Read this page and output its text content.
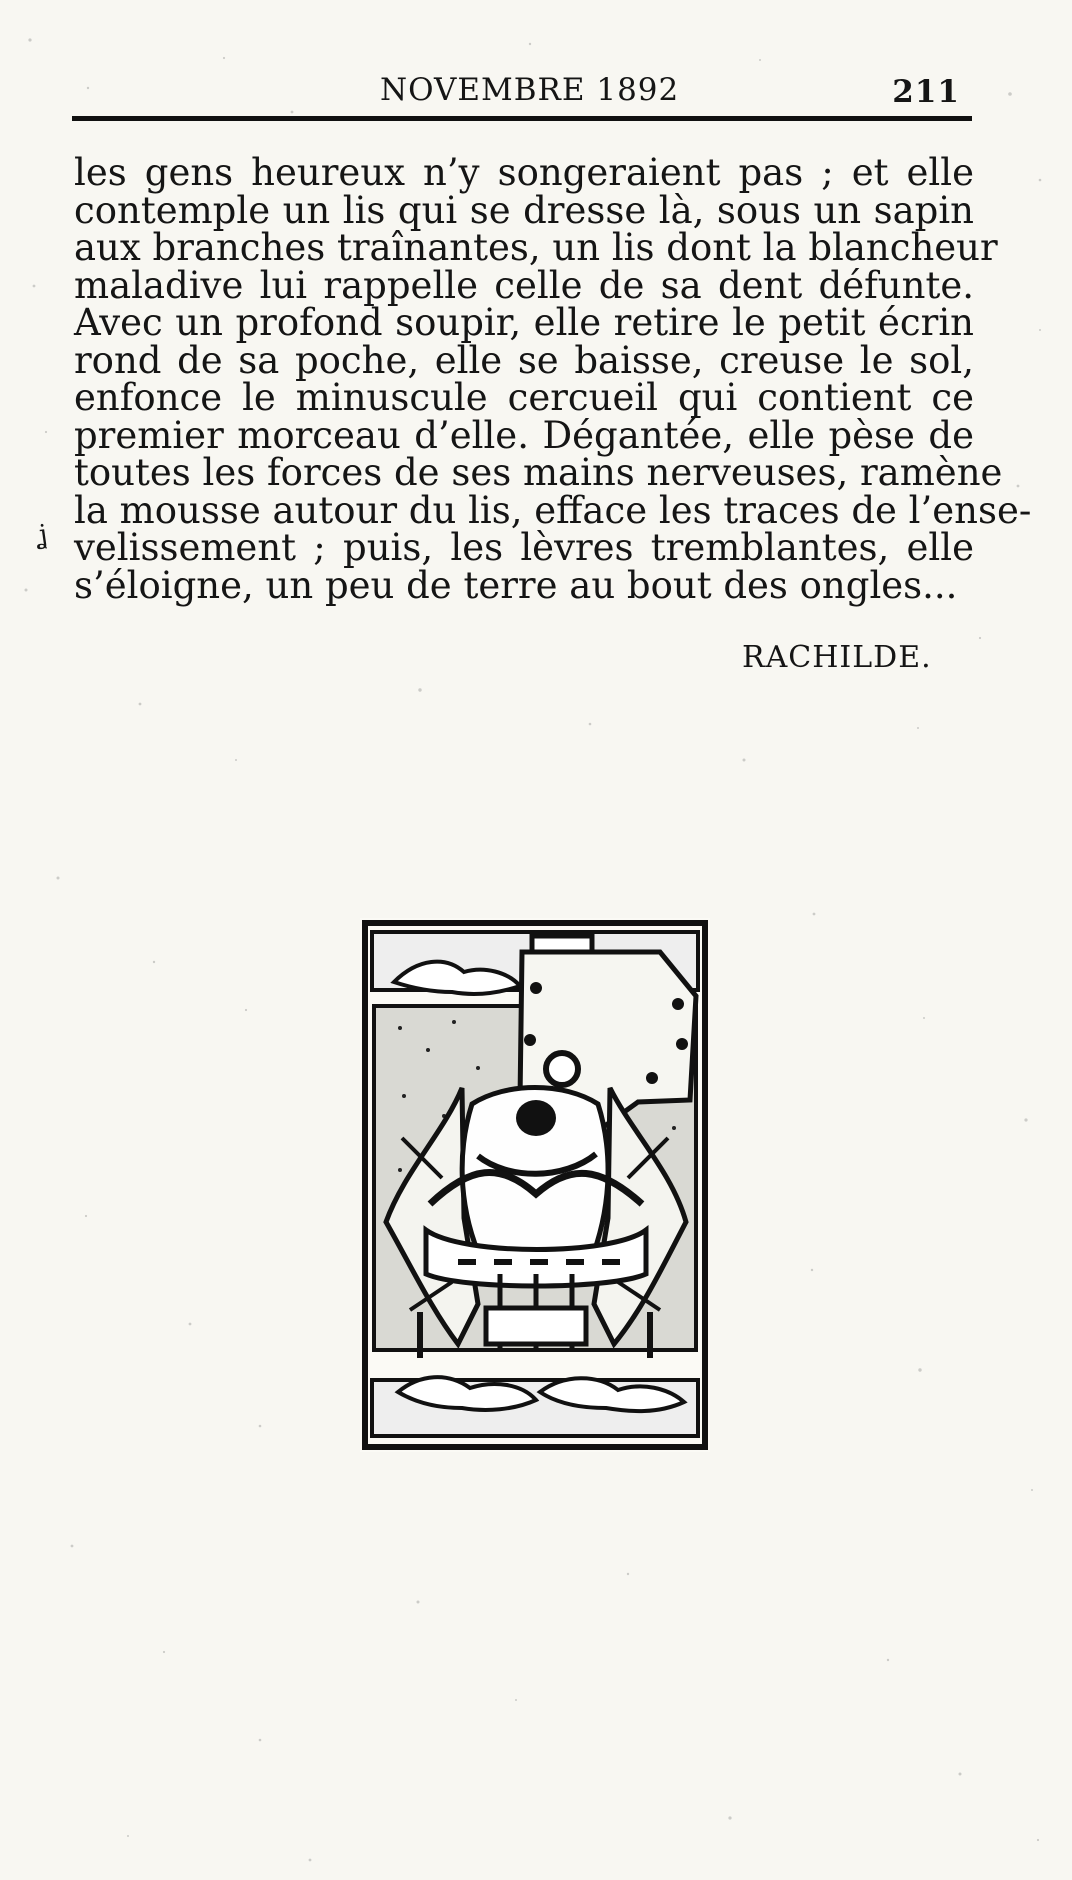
NOVEMBRE 1892	211
ʝ
les gens heureux n’y songeraient pas ; et elle
contemple un lis qui se dresse là, sous un sapin
aux branches traînantes, un lis dont la blancheur
maladive lui rappelle celle de sa dent défunte.
Avec un profond soupir, elle retire le petit écrin
rond de sa poche, elle se baisse, creuse le sol,
enfonce le minuscule cercueil qui contient ce
premier morceau d’elle. Dégantée, elle pèse de
toutes les forces de ses mains nerveuses, ramène
la mousse autour du lis, efface les traces de l’ense-
velissement ; puis, les lèvres tremblantes, elle
s’éloigne, un peu de terre au bout des ongles...
RACHILDE.
